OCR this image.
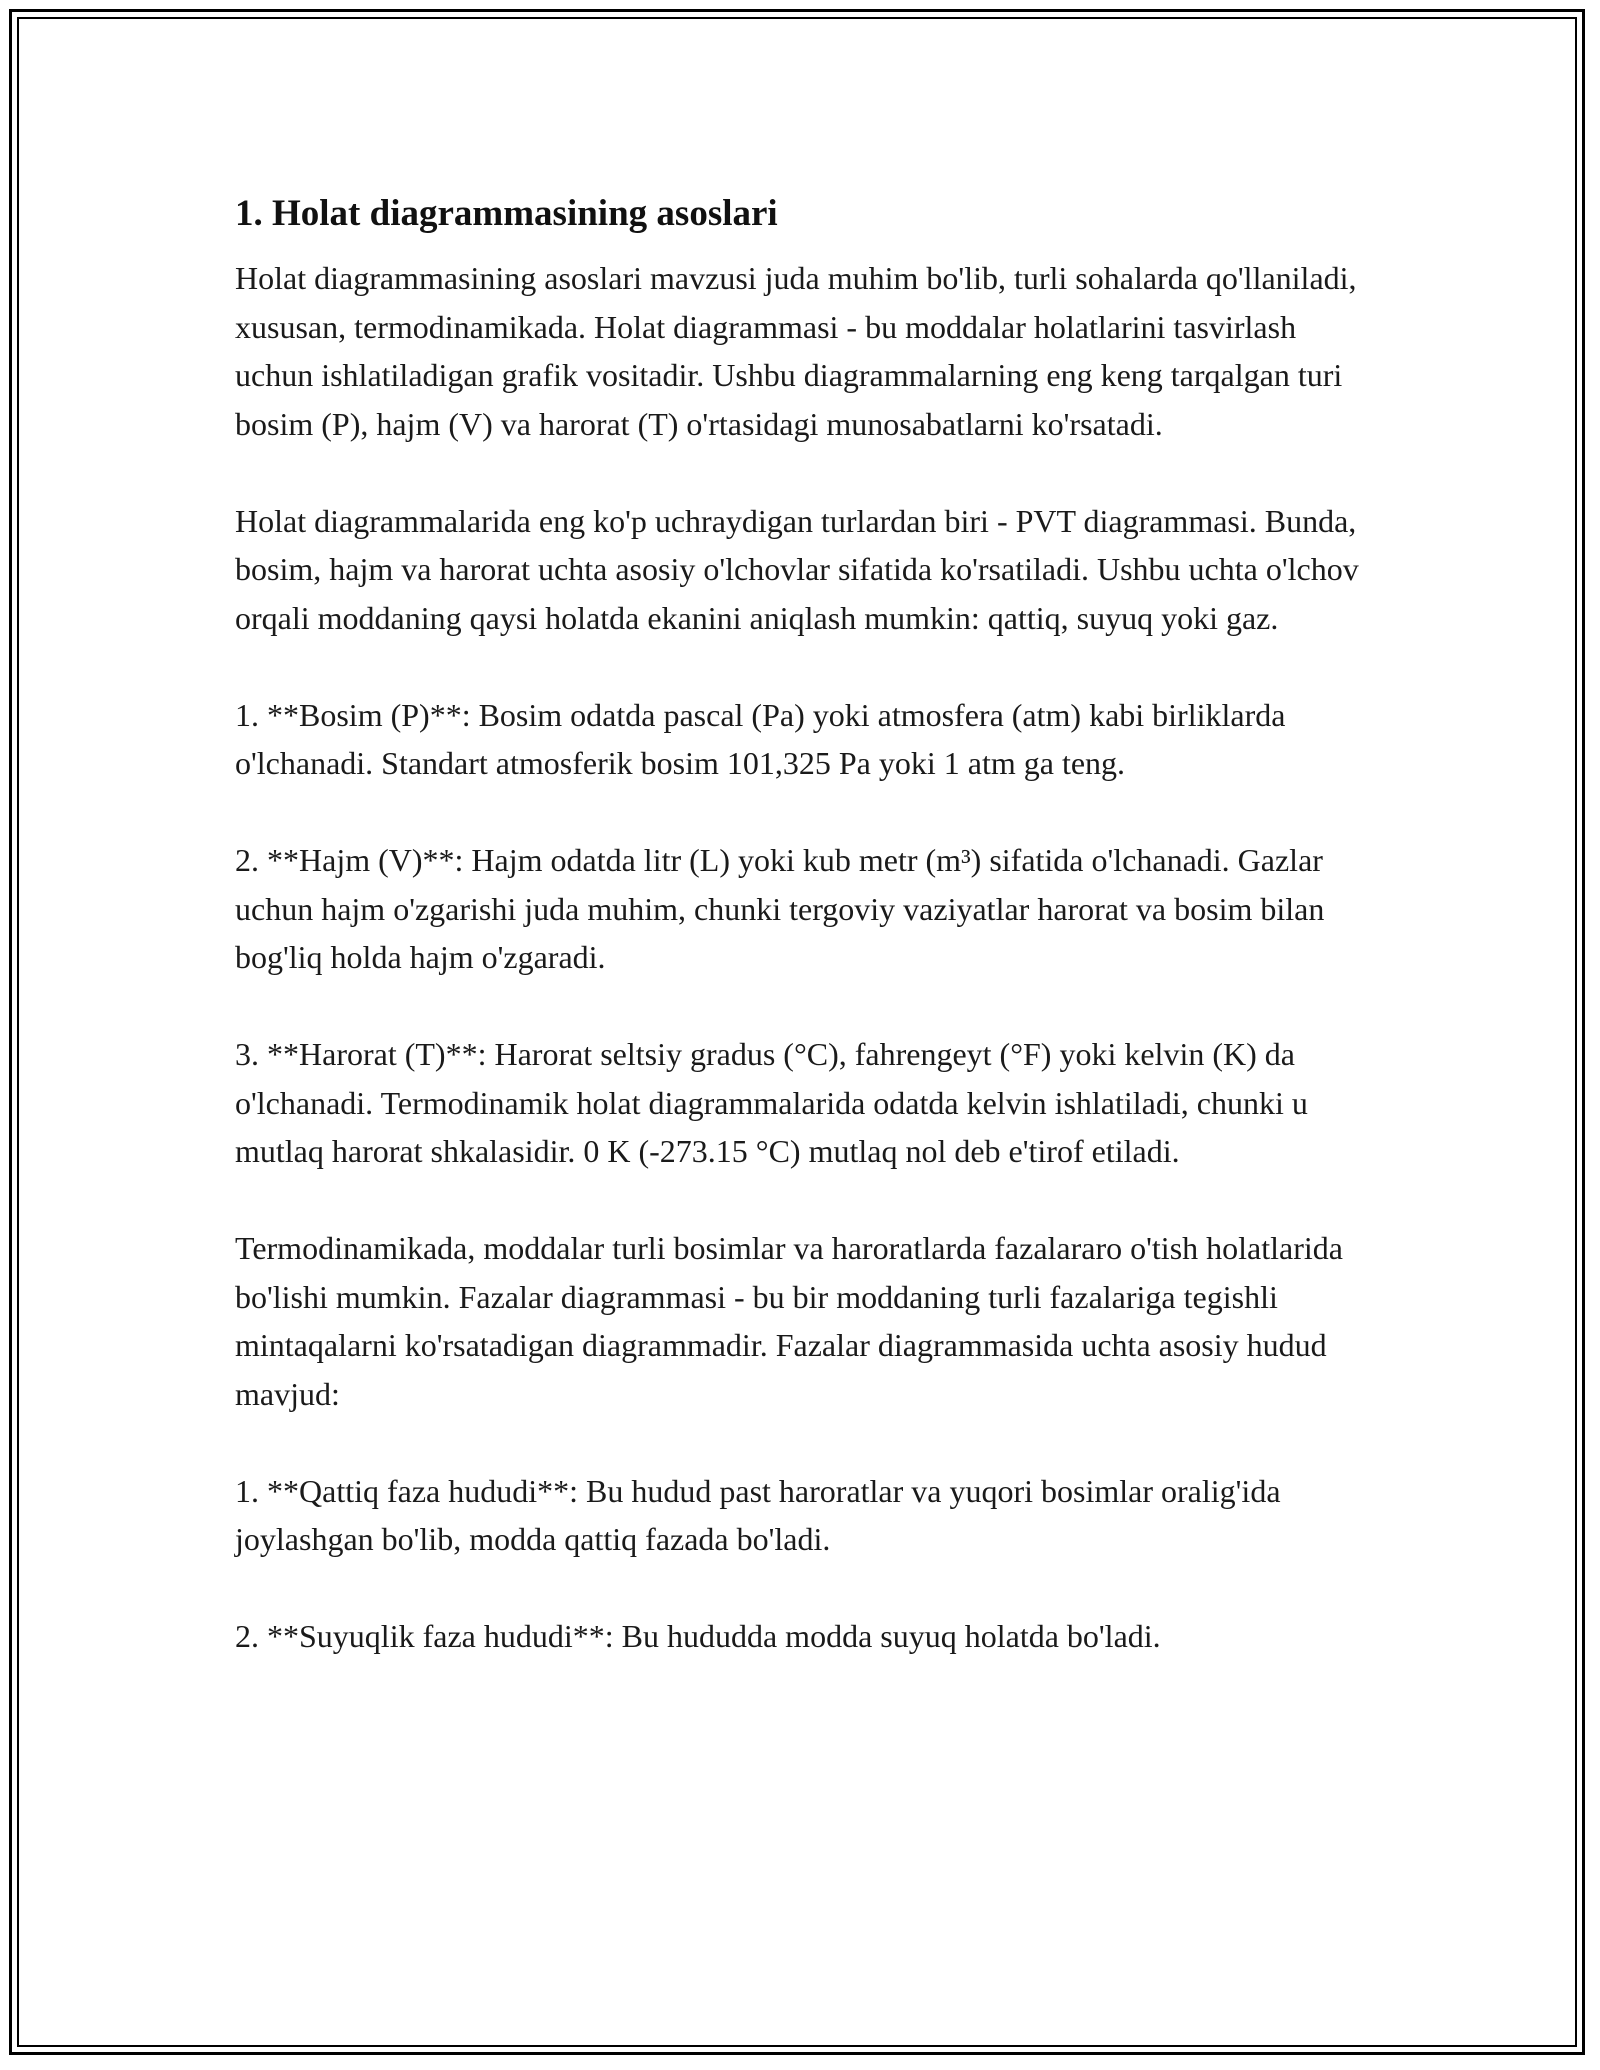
1. Holat diagrammasining asoslari

Holat diagrammasining asoslari mavzusi juda muhim bo'lib, turli sohalarda qo'llaniladi, xususan, termodinamikada. Holat diagrammasi - bu moddalar holatlarini tasvirlash uchun ishlatiladigan grafik vositadir. Ushbu diagrammalarning eng keng tarqalgan turi bosim (P), hajm (V) va harorat (T) o'rtasidagi munosabatlarni ko'rsatadi.

Holat diagrammalarida eng ko'p uchraydigan turlardan biri - PVT diagrammasi. Bunda, bosim, hajm va harorat uchta asosiy o'lchovlar sifatida ko'rsatiladi. Ushbu uchta o'lchov orqali moddaning qaysi holatda ekanini aniqlash mumkin: qattiq, suyuq yoki gaz.

1. **Bosim (P)**: Bosim odatda pascal (Pa) yoki atmosfera (atm) kabi birliklarda o'lchanadi. Standart atmosferik bosim 101,325 Pa yoki 1 atm ga teng.

2. **Hajm (V)**: Hajm odatda litr (L) yoki kub metr (m³) sifatida o'lchanadi. Gazlar uchun hajm o'zgarishi juda muhim, chunki tergoviy vaziyatlar harorat va bosim bilan bog'liq holda hajm o'zgaradi.

3. **Harorat (T)**: Harorat seltsiy gradus (°C), fahrengeyt (°F) yoki kelvin (K) da o'lchanadi. Termodinamik holat diagrammalarida odatda kelvin ishlatiladi, chunki u mutlaq harorat shkalasidir. 0 K (-273.15 °C) mutlaq nol deb e'tirof etiladi.

Termodinamikada, moddalar turli bosimlar va haroratlarda fazalararo o'tish holatlarida bo'lishi mumkin. Fazalar diagrammasi - bu bir moddaning turli fazalariga tegishli mintaqalarni ko'rsatadigan diagrammadir. Fazalar diagrammasida uchta asosiy hudud mavjud:

1. **Qattiq faza hududi**: Bu hudud past haroratlar va yuqori bosimlar oralig'ida joylashgan bo'lib, modda qattiq fazada bo'ladi.

2. **Suyuqlik faza hududi**: Bu hududda modda suyuq holatda bo'ladi.
